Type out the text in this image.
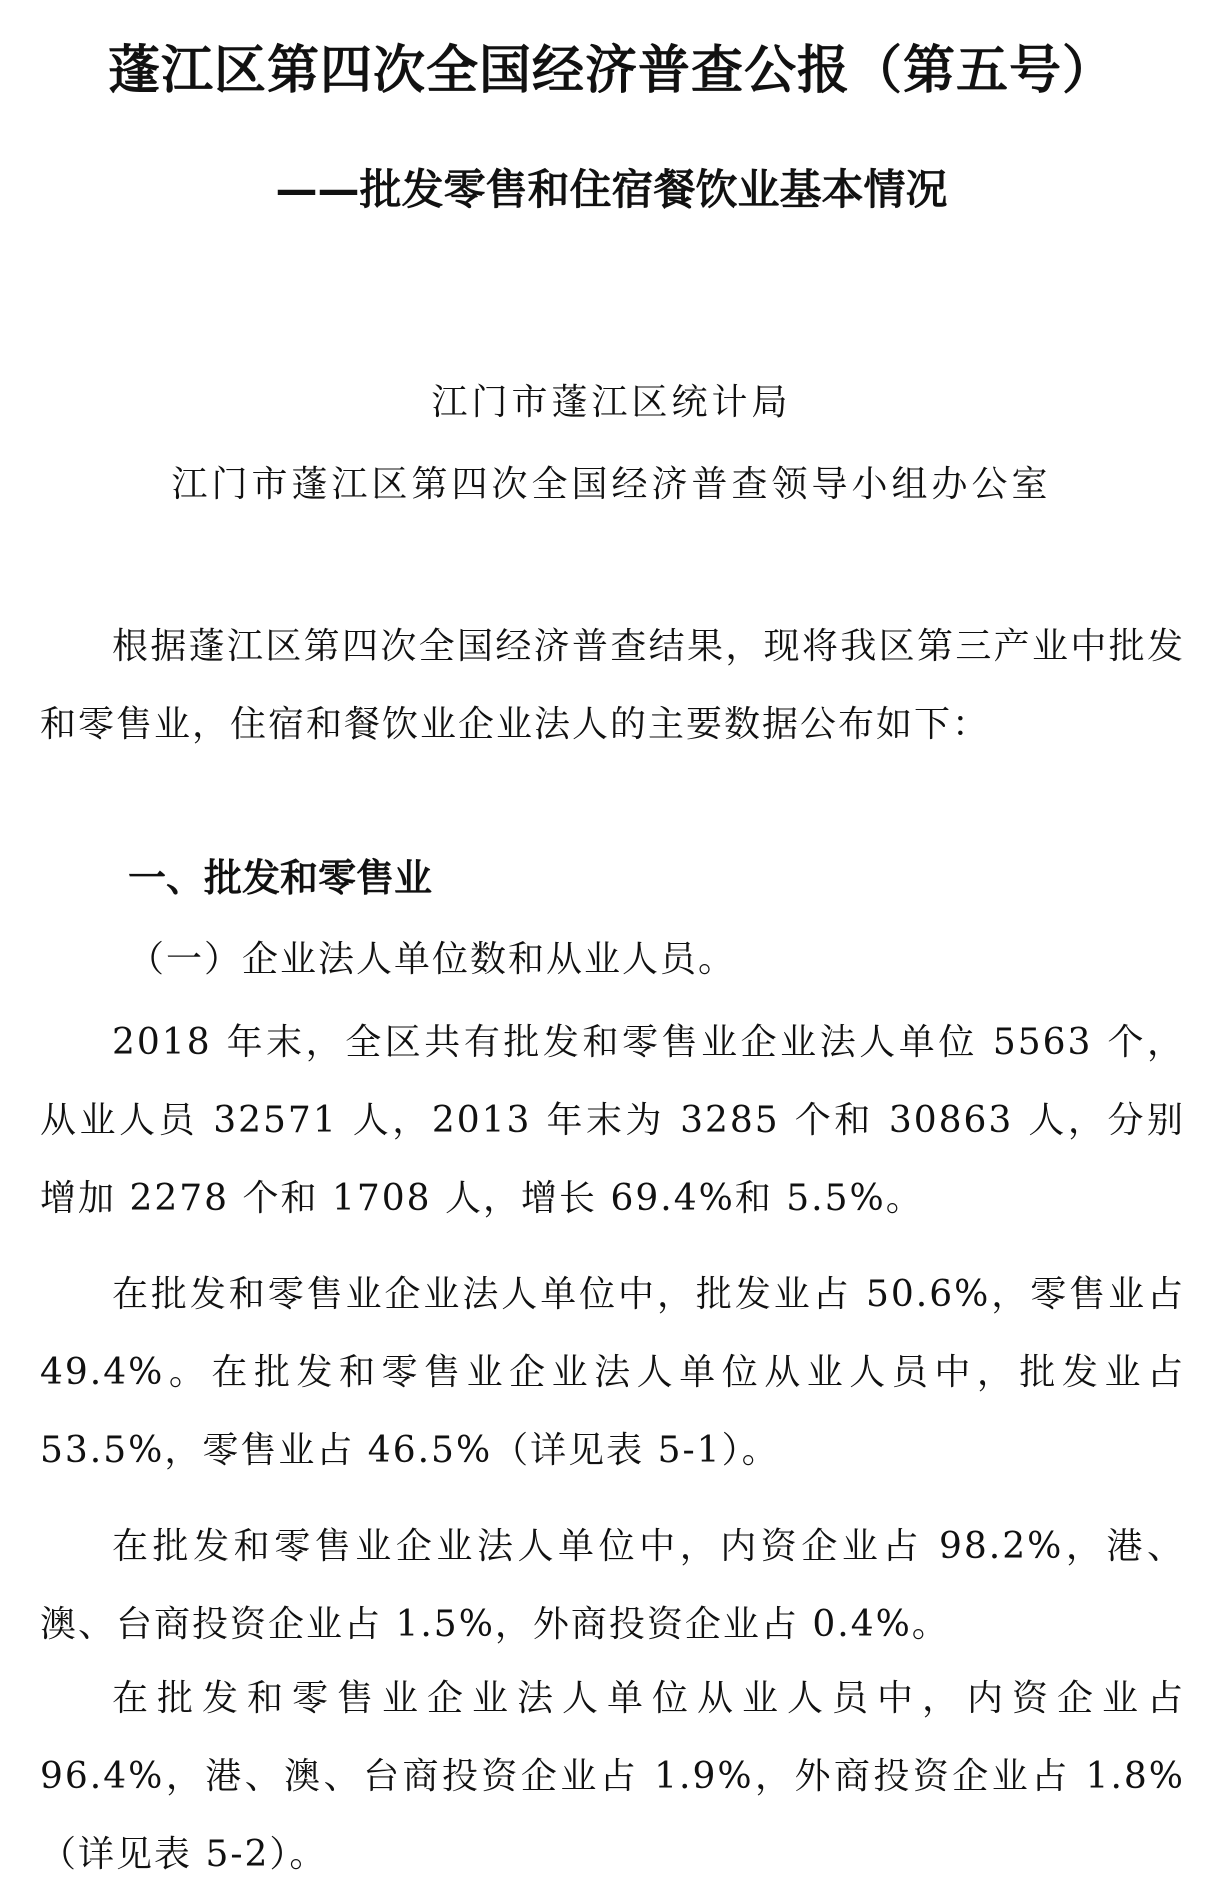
蓬江区第四次全国经济普查公报（第五号）
——批发零售和住宿餐饮业基本情况
江门市蓬江区统计局
江门市蓬江区第四次全国经济普查领导小组办公室

根据蓬江区第四次全国经济普查结果，现将我区第三产业中批发和零售业，住宿和餐饮业企业法人的主要数据公布如下：

一、批发和零售业
（一）企业法人单位数和从业人员。

2018 年末，全区共有批发和零售业企业法人单位 5563 个，从业人员 32571 人，2013 年末为 3285 个和 30863 人，分别增加 2278 个和 1708 人，增长 69.4%和 5.5%。

在批发和零售业企业法人单位中，批发业占 50.6%，零售业占 49.4%。在批发和零售业企业法人单位从业人员中，批发业占 53.5%，零售业占 46.5%（详见表 5-1）。

在批发和零售业企业法人单位中，内资企业占 98.2%，港、澳、台商投资企业占 1.5%，外商投资企业占 0.4%。

在批发和零售业企业法人单位从业人员中，内资企业占 96.4%，港、澳、台商投资企业占 1.9%，外商投资企业占 1.8%（详见表 5-2）。
